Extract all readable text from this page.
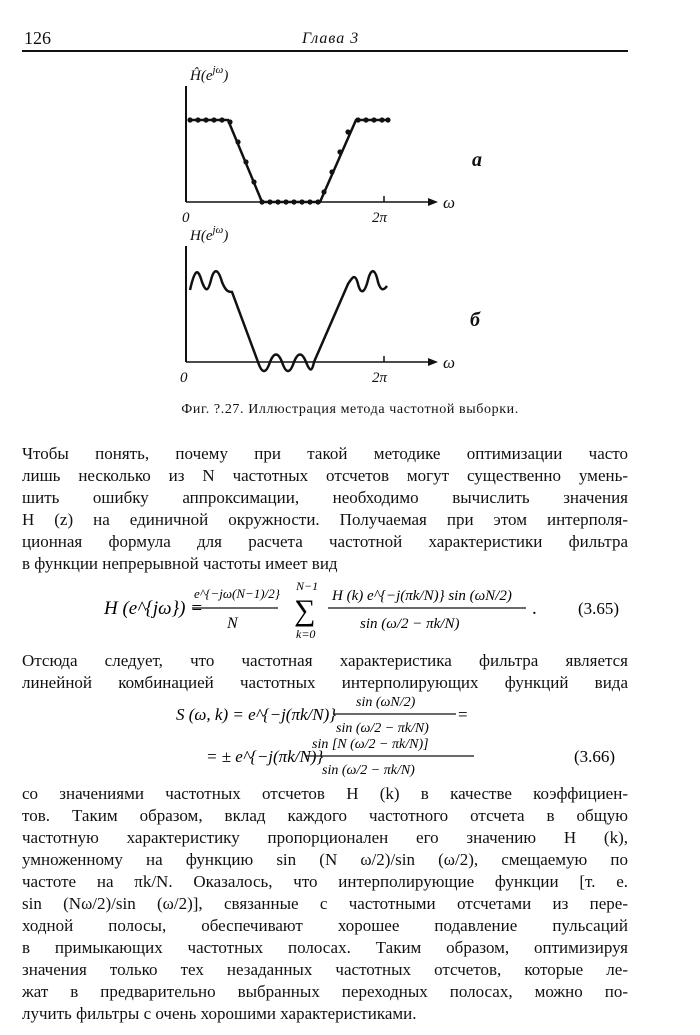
126	Глава 3
$Ĥ(e^{j\omega})$
0	2π
ω
а
$H(e^{j\omega})$
0	2π
ω
б
Фиг. ?.27. Иллюстрация метода частотной выборки.
Чтобы понять, почему при такой методике оптимизации часто
лишь несколько из N частотных отсчетов могут существенно умень-
шить ошибку аппроксимации, необходимо вычислить значения
H (z) на единичной окружности. Получаемая при этом интерполя-
ционная формула для расчета частотной характеристики фильтра
в функции непрерывной частоты имеет вид
H (e^{jω}) =
e^{−jω(N−1)/2}
N
N−1
∑
k=0
H (k) e^{−j(πk/N)} sin (ωN/2)
sin (ω/2 − πk/N)
. (3.65)
Отсюда следует, что частотная характеристика фильтра является
линейной комбинацией частотных интерполирующих функций вида
S (ω, k) = e^{−j(πk/N)}
sin (ωN/2)
sin (ω/2 − πk/N)
=
= ± e^{−j(πk/N)}
sin [N (ω/2 − πk/N)]
sin (ω/2 − πk/N)
(3.66)
со значениями частотных отсчетов H (k) в качестве коэффициен-
тов. Таким образом, вклад каждого частотного отсчета в общую
частотную характеристику пропорционален его значению H (k),
умноженному на функцию sin (N ω/2)/sin (ω/2), смещаемую по
частоте на πk/N. Оказалось, что интерполирующие функции [т. е.
sin (Nω/2)/sin (ω/2)], связанные с частотными отсчетами из пере-
ходной полосы, обеспечивают хорошее подавление пульсаций
в примыкающих частотных полосах. Таким образом, оптимизируя
значения только тех незаданных частотных отсчетов, которые ле-
жат в предварительно выбранных переходных полосах, можно по-
лучить фильтры с очень хорошими характеристиками.
